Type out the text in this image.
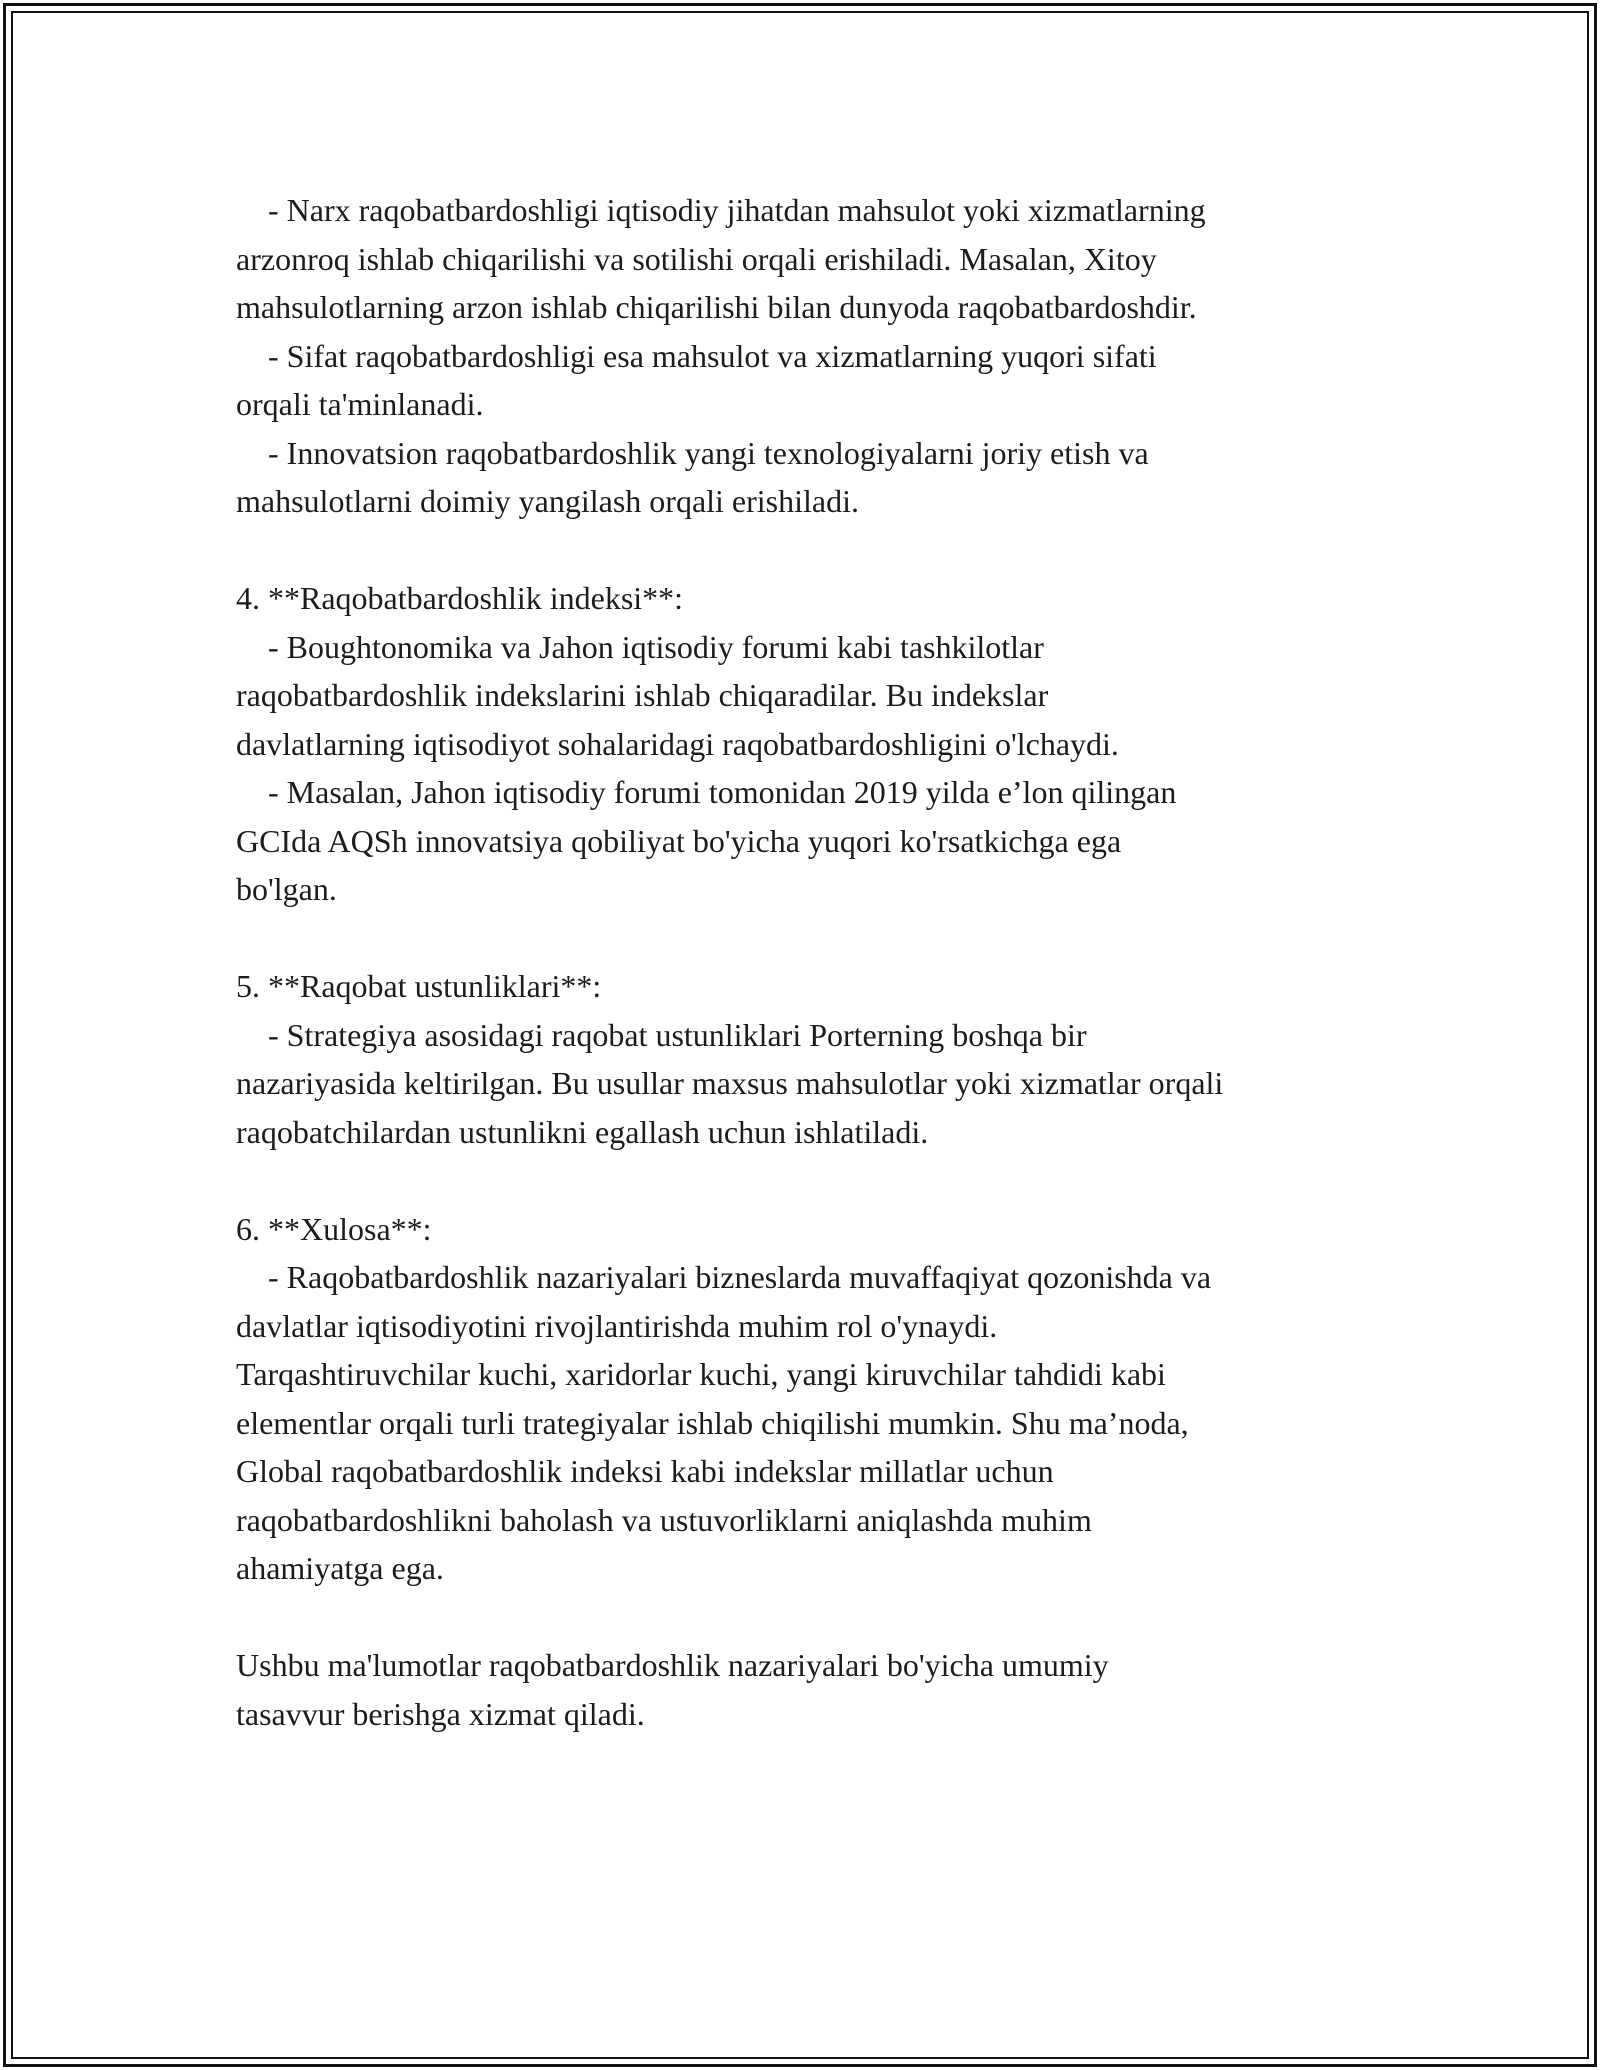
- Narx raqobatbardoshligi iqtisodiy jihatdan mahsulot yoki xizmatlarning
arzonroq ishlab chiqarilishi va sotilishi orqali erishiladi. Masalan, Xitoy
mahsulotlarning arzon ishlab chiqarilishi bilan dunyoda raqobatbardoshdir.
- Sifat raqobatbardoshligi esa mahsulot va xizmatlarning yuqori sifati
orqali ta'minlanadi.
- Innovatsion raqobatbardoshlik yangi texnologiyalarni joriy etish va
mahsulotlarni doimiy yangilash orqali erishiladi.
4. **Raqobatbardoshlik indeksi**:
- Boughtonomika va Jahon iqtisodiy forumi kabi tashkilotlar
raqobatbardoshlik indekslarini ishlab chiqaradilar. Bu indekslar
davlatlarning iqtisodiyot sohalaridagi raqobatbardoshligini o'lchaydi.
- Masalan, Jahon iqtisodiy forumi tomonidan 2019 yilda e’lon qilingan
GCIda AQSh innovatsiya qobiliyat bo'yicha yuqori ko'rsatkichga ega
bo'lgan.
5. **Raqobat ustunliklari**:
- Strategiya asosidagi raqobat ustunliklari Porterning boshqa bir
nazariyasida keltirilgan. Bu usullar maxsus mahsulotlar yoki xizmatlar orqali
raqobatchilardan ustunlikni egallash uchun ishlatiladi.
6. **Xulosa**:
- Raqobatbardoshlik nazariyalari bizneslarda muvaffaqiyat qozonishda va
davlatlar iqtisodiyotini rivojlantirishda muhim rol o'ynaydi.
Tarqashtiruvchilar kuchi, xaridorlar kuchi, yangi kiruvchilar tahdidi kabi
elementlar orqali turli trategiyalar ishlab chiqilishi mumkin. Shu ma’noda,
Global raqobatbardoshlik indeksi kabi indekslar millatlar uchun
raqobatbardoshlikni baholash va ustuvorliklarni aniqlashda muhim
ahamiyatga ega.
Ushbu ma'lumotlar raqobatbardoshlik nazariyalari bo'yicha umumiy
tasavvur berishga xizmat qiladi.
